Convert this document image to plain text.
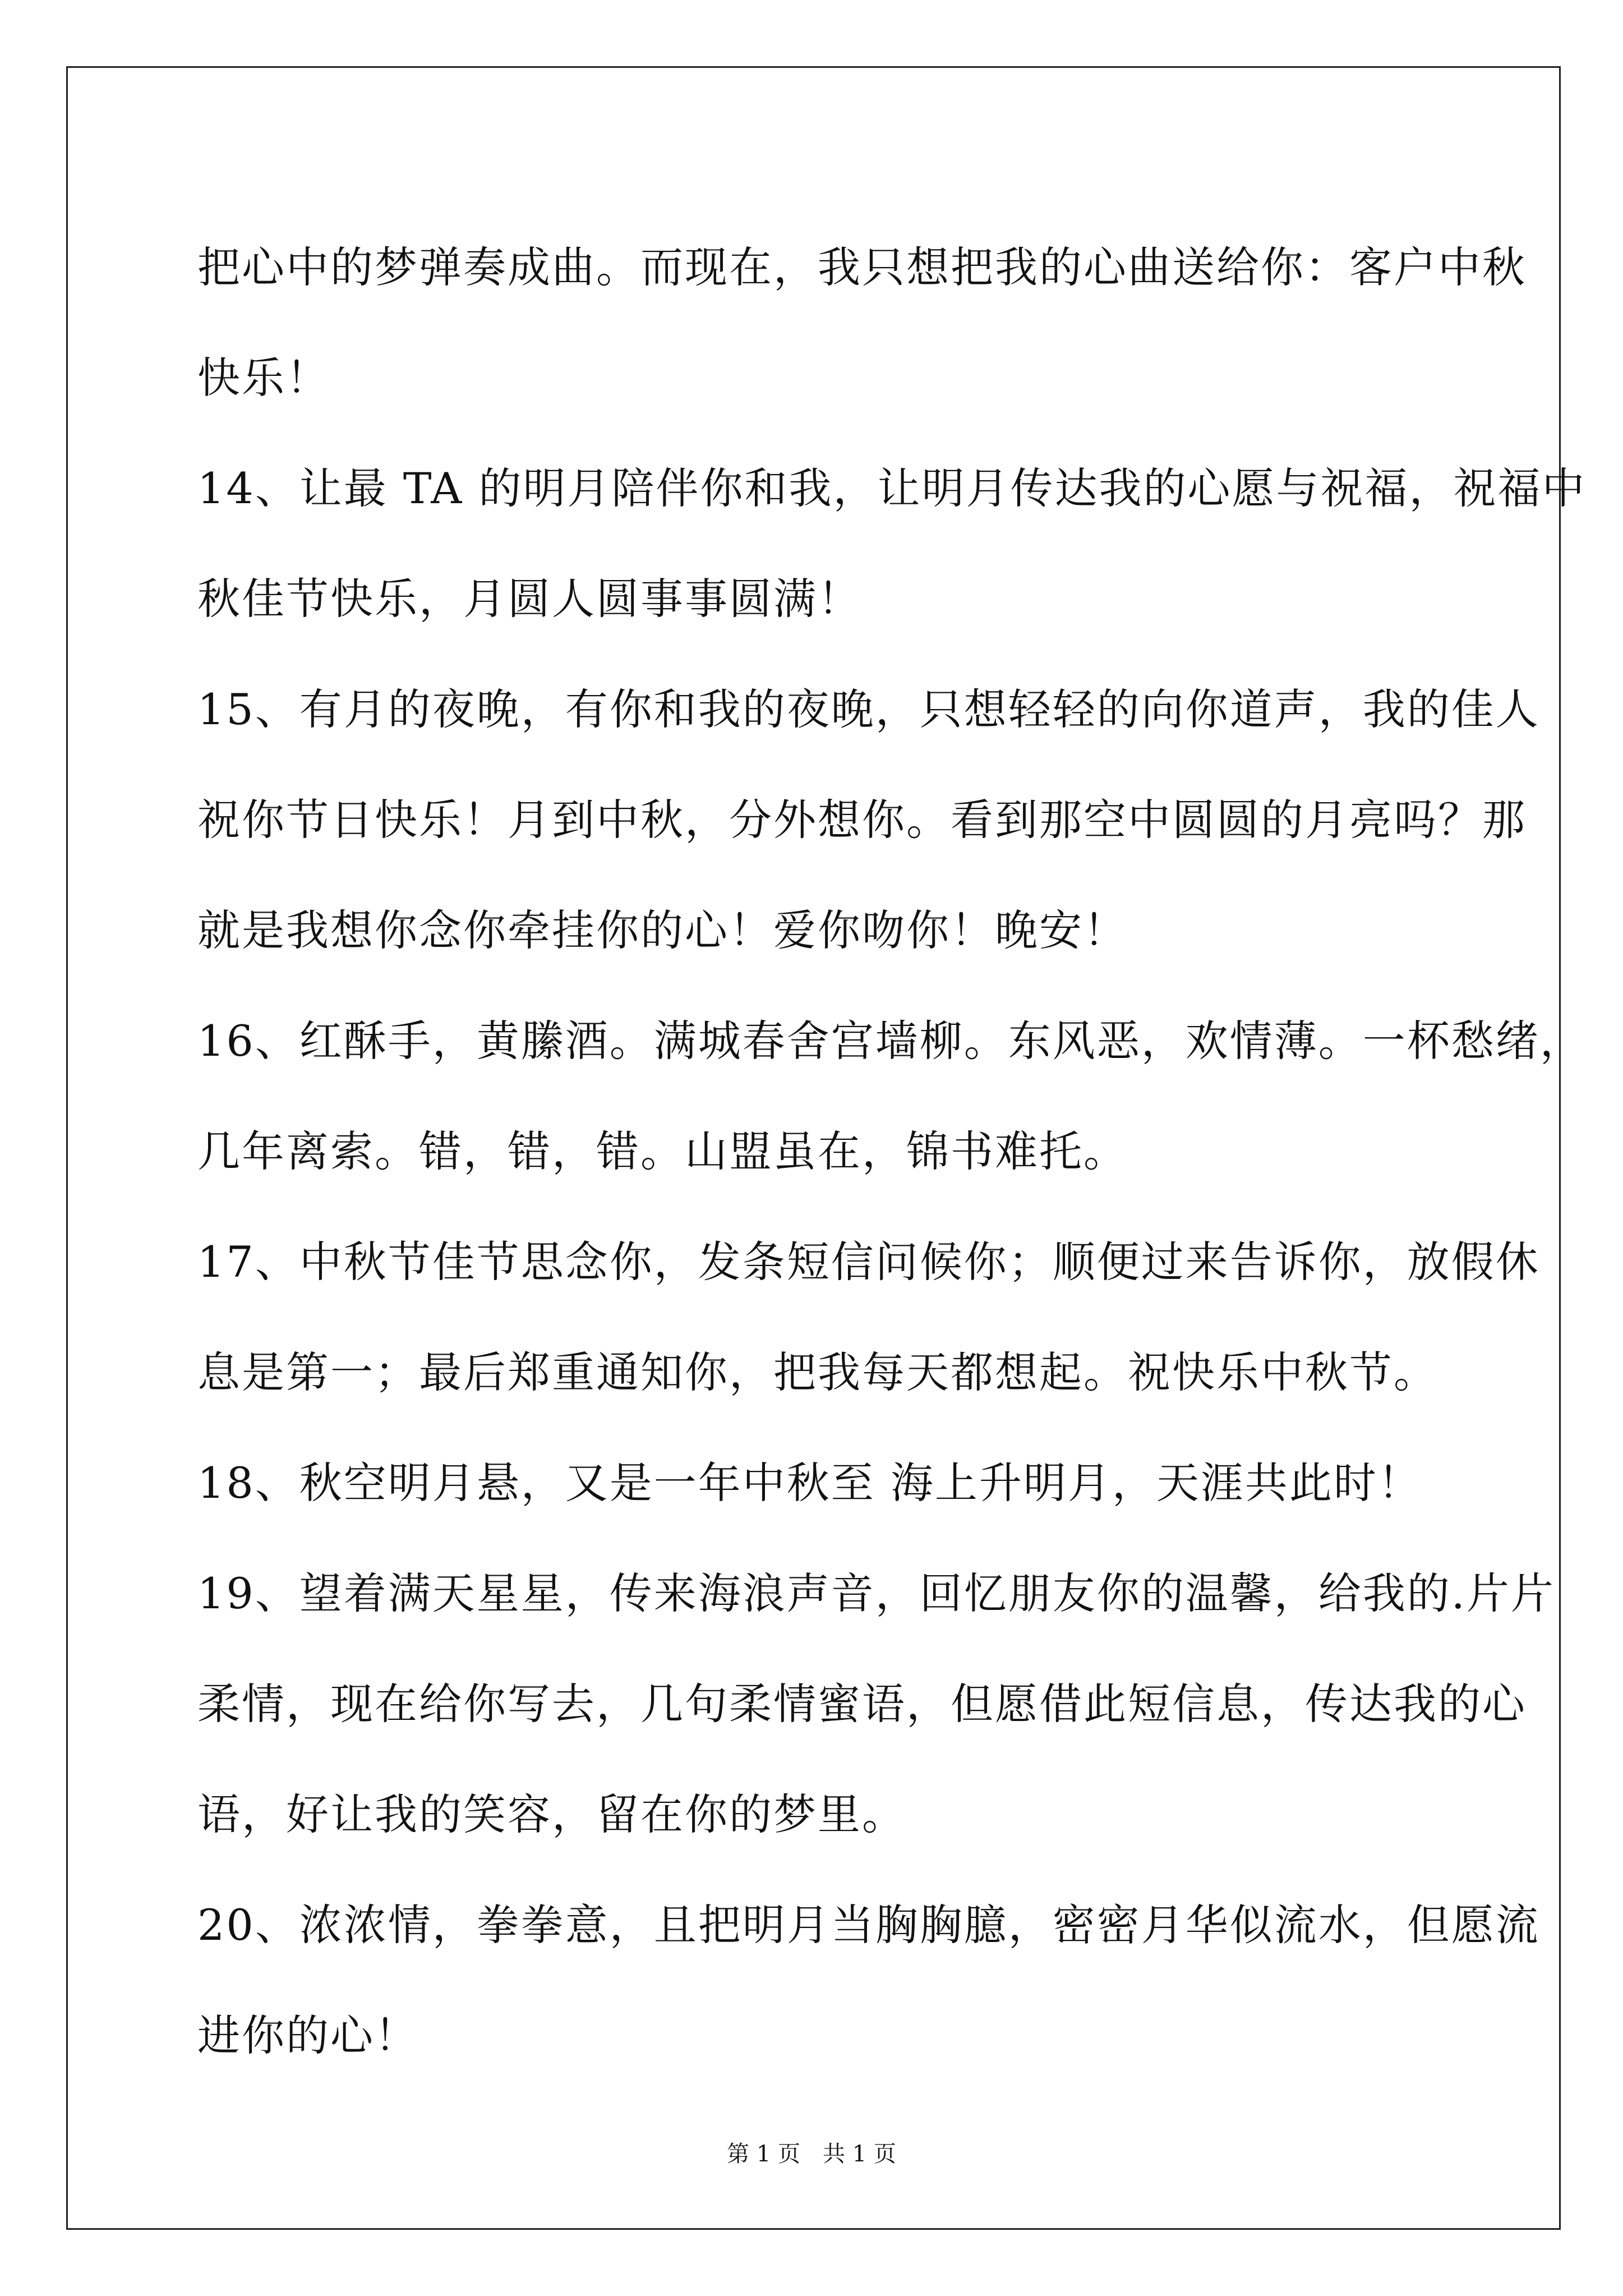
把心中的梦弹奏成曲。而现在，我只想把我的心曲送给你：客户中秋
快乐！
14、让最 TA 的明月陪伴你和我，让明月传达我的心愿与祝福，祝福中
秋佳节快乐，月圆人圆事事圆满！
15、有月的夜晚，有你和我的夜晚，只想轻轻的向你道声，我的佳人
祝你节日快乐！月到中秋，分外想你。看到那空中圆圆的月亮吗？那
就是我想你念你牵挂你的心！爱你吻你！晚安！
16、红酥手，黄縢酒。满城春舍宫墙柳。东风恶，欢情薄。一杯愁绪，
几年离索。错，错，错。山盟虽在，锦书难托。
17、中秋节佳节思念你，发条短信问候你；顺便过来告诉你，放假休
息是第一；最后郑重通知你，把我每天都想起。祝快乐中秋节。
18、秋空明月悬，又是一年中秋至 海上升明月，天涯共此时！
19、望着满天星星，传来海浪声音，回忆朋友你的温馨，给我的.片片
柔情，现在给你写去，几句柔情蜜语，但愿借此短信息，传达我的心
语，好让我的笑容，留在你的梦里。
20、浓浓情，拳拳意，且把明月当胸胸臆，密密月华似流水，但愿流
进你的心！
第 1 页　共 1 页
